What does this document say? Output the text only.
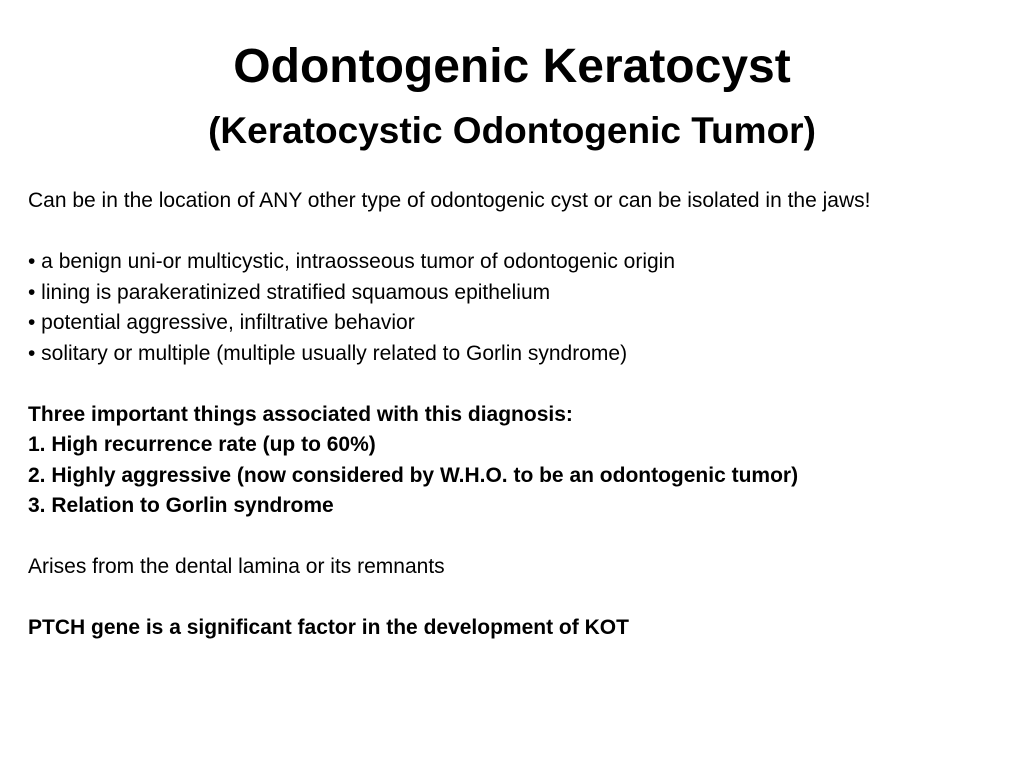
Odontogenic Keratocyst
(Keratocystic Odontogenic Tumor)

Can be in the location of ANY other type of odontogenic cyst or can be isolated in the jaws!

• a benign uni-or multicystic, intraosseous tumor of odontogenic origin
• lining is parakeratinized stratified squamous epithelium
• potential aggressive, infiltrative behavior
• solitary or multiple (multiple usually related to Gorlin syndrome)

Three important things associated with this diagnosis:

1. High recurrence rate (up to 60%)
2. Highly aggressive (now considered by W.H.O. to be an odontogenic tumor)
3. Relation to Gorlin syndrome

Arises from the dental lamina or its remnants

PTCH gene is a significant factor in the development of KOT
